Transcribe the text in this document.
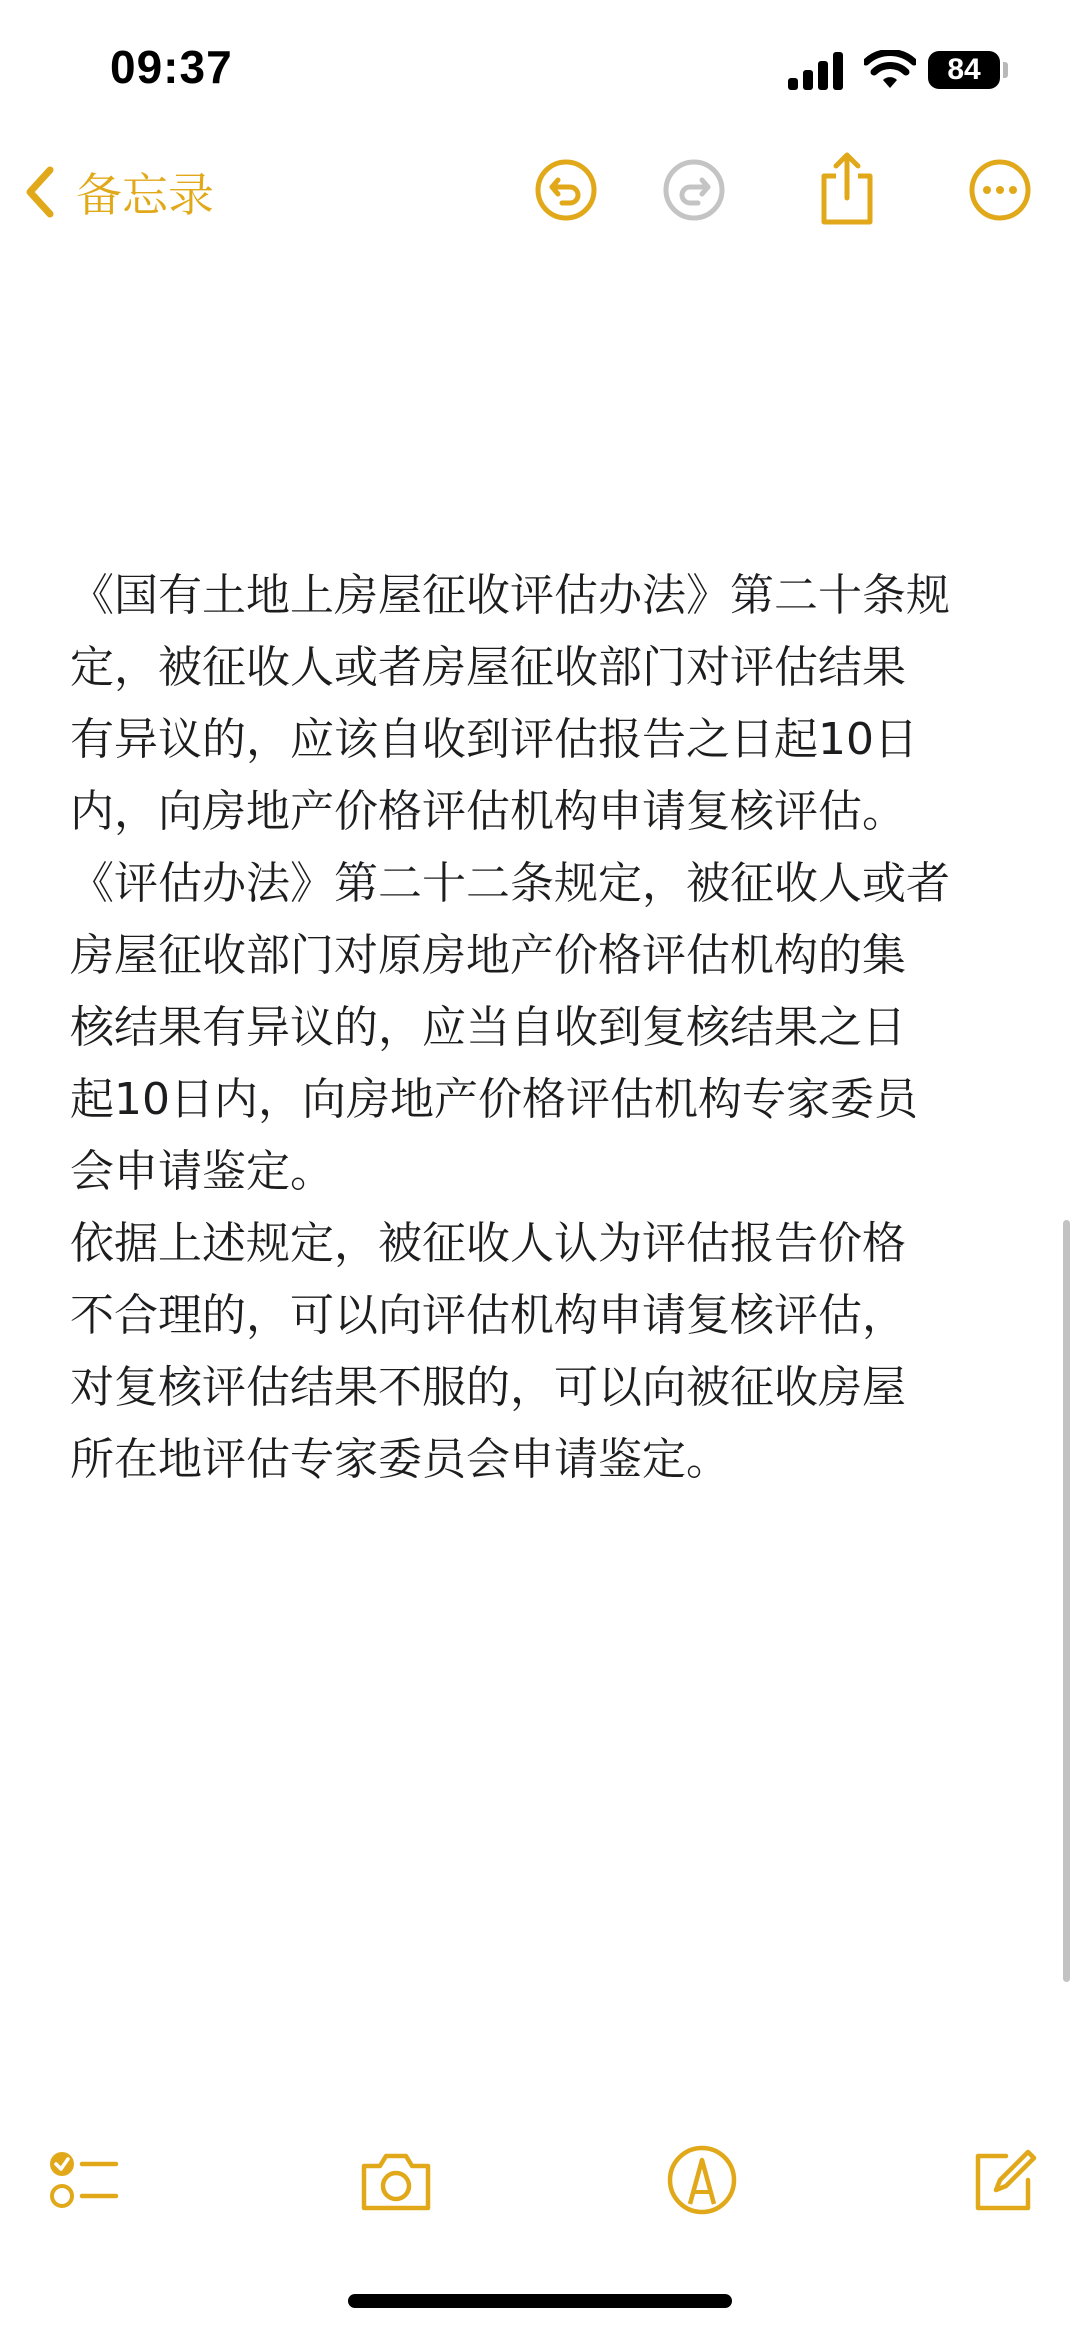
09:37	84
备忘录
《国有土地上房屋征收评估办法》第二十条规
定，被征收人或者房屋征收部门对评估结果
有异议的，应该自收到评估报告之日起10日
内，向房地产价格评估机构申请复核评估。
《评估办法》第二十二条规定，被征收人或者
房屋征收部门对原房地产价格评估机构的集
核结果有异议的，应当自收到复核结果之日
起10日内，向房地产价格评估机构专家委员
会申请鉴定。
依据上述规定，被征收人认为评估报告价格
不合理的，可以向评估机构申请复核评估，
对复核评估结果不服的，可以向被征收房屋
所在地评估专家委员会申请鉴定。
